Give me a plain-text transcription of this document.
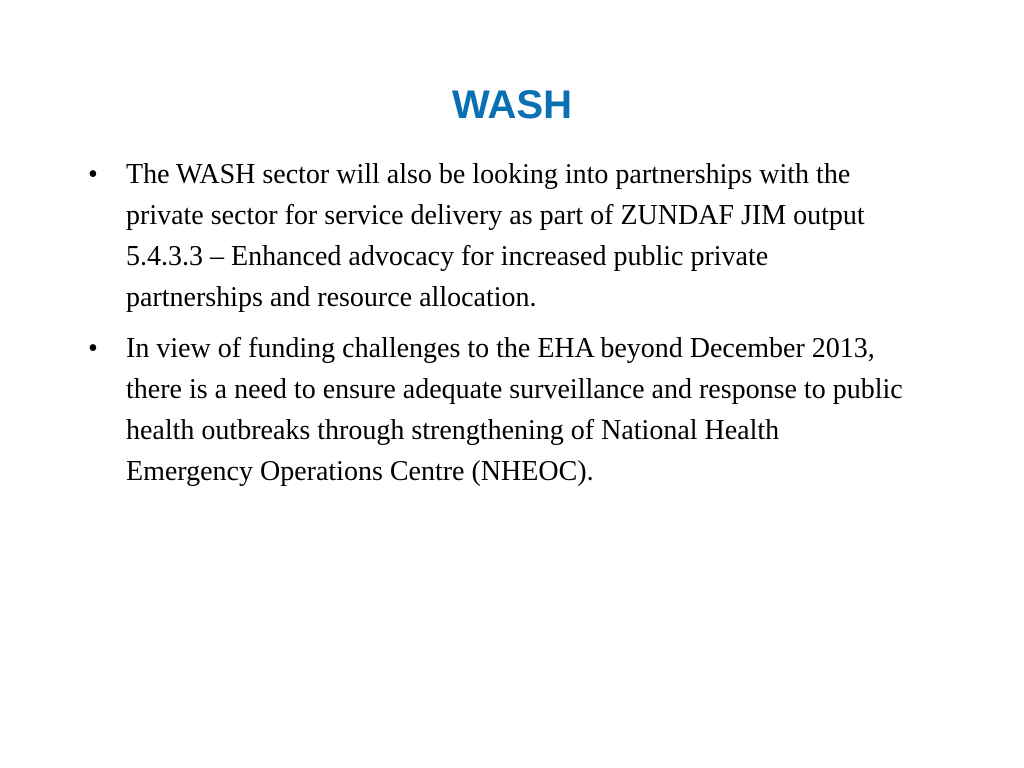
WASH
•	The WASH sector will also be looking into partnerships with the private sector for service delivery as part of ZUNDAF JIM output 5.4.3.3 – Enhanced advocacy for increased public private partnerships and resource allocation.
•	In view of funding challenges to the EHA beyond December 2013, there is a need to ensure adequate surveillance and response to public health outbreaks through strengthening of National Health Emergency Operations Centre (NHEOC).
